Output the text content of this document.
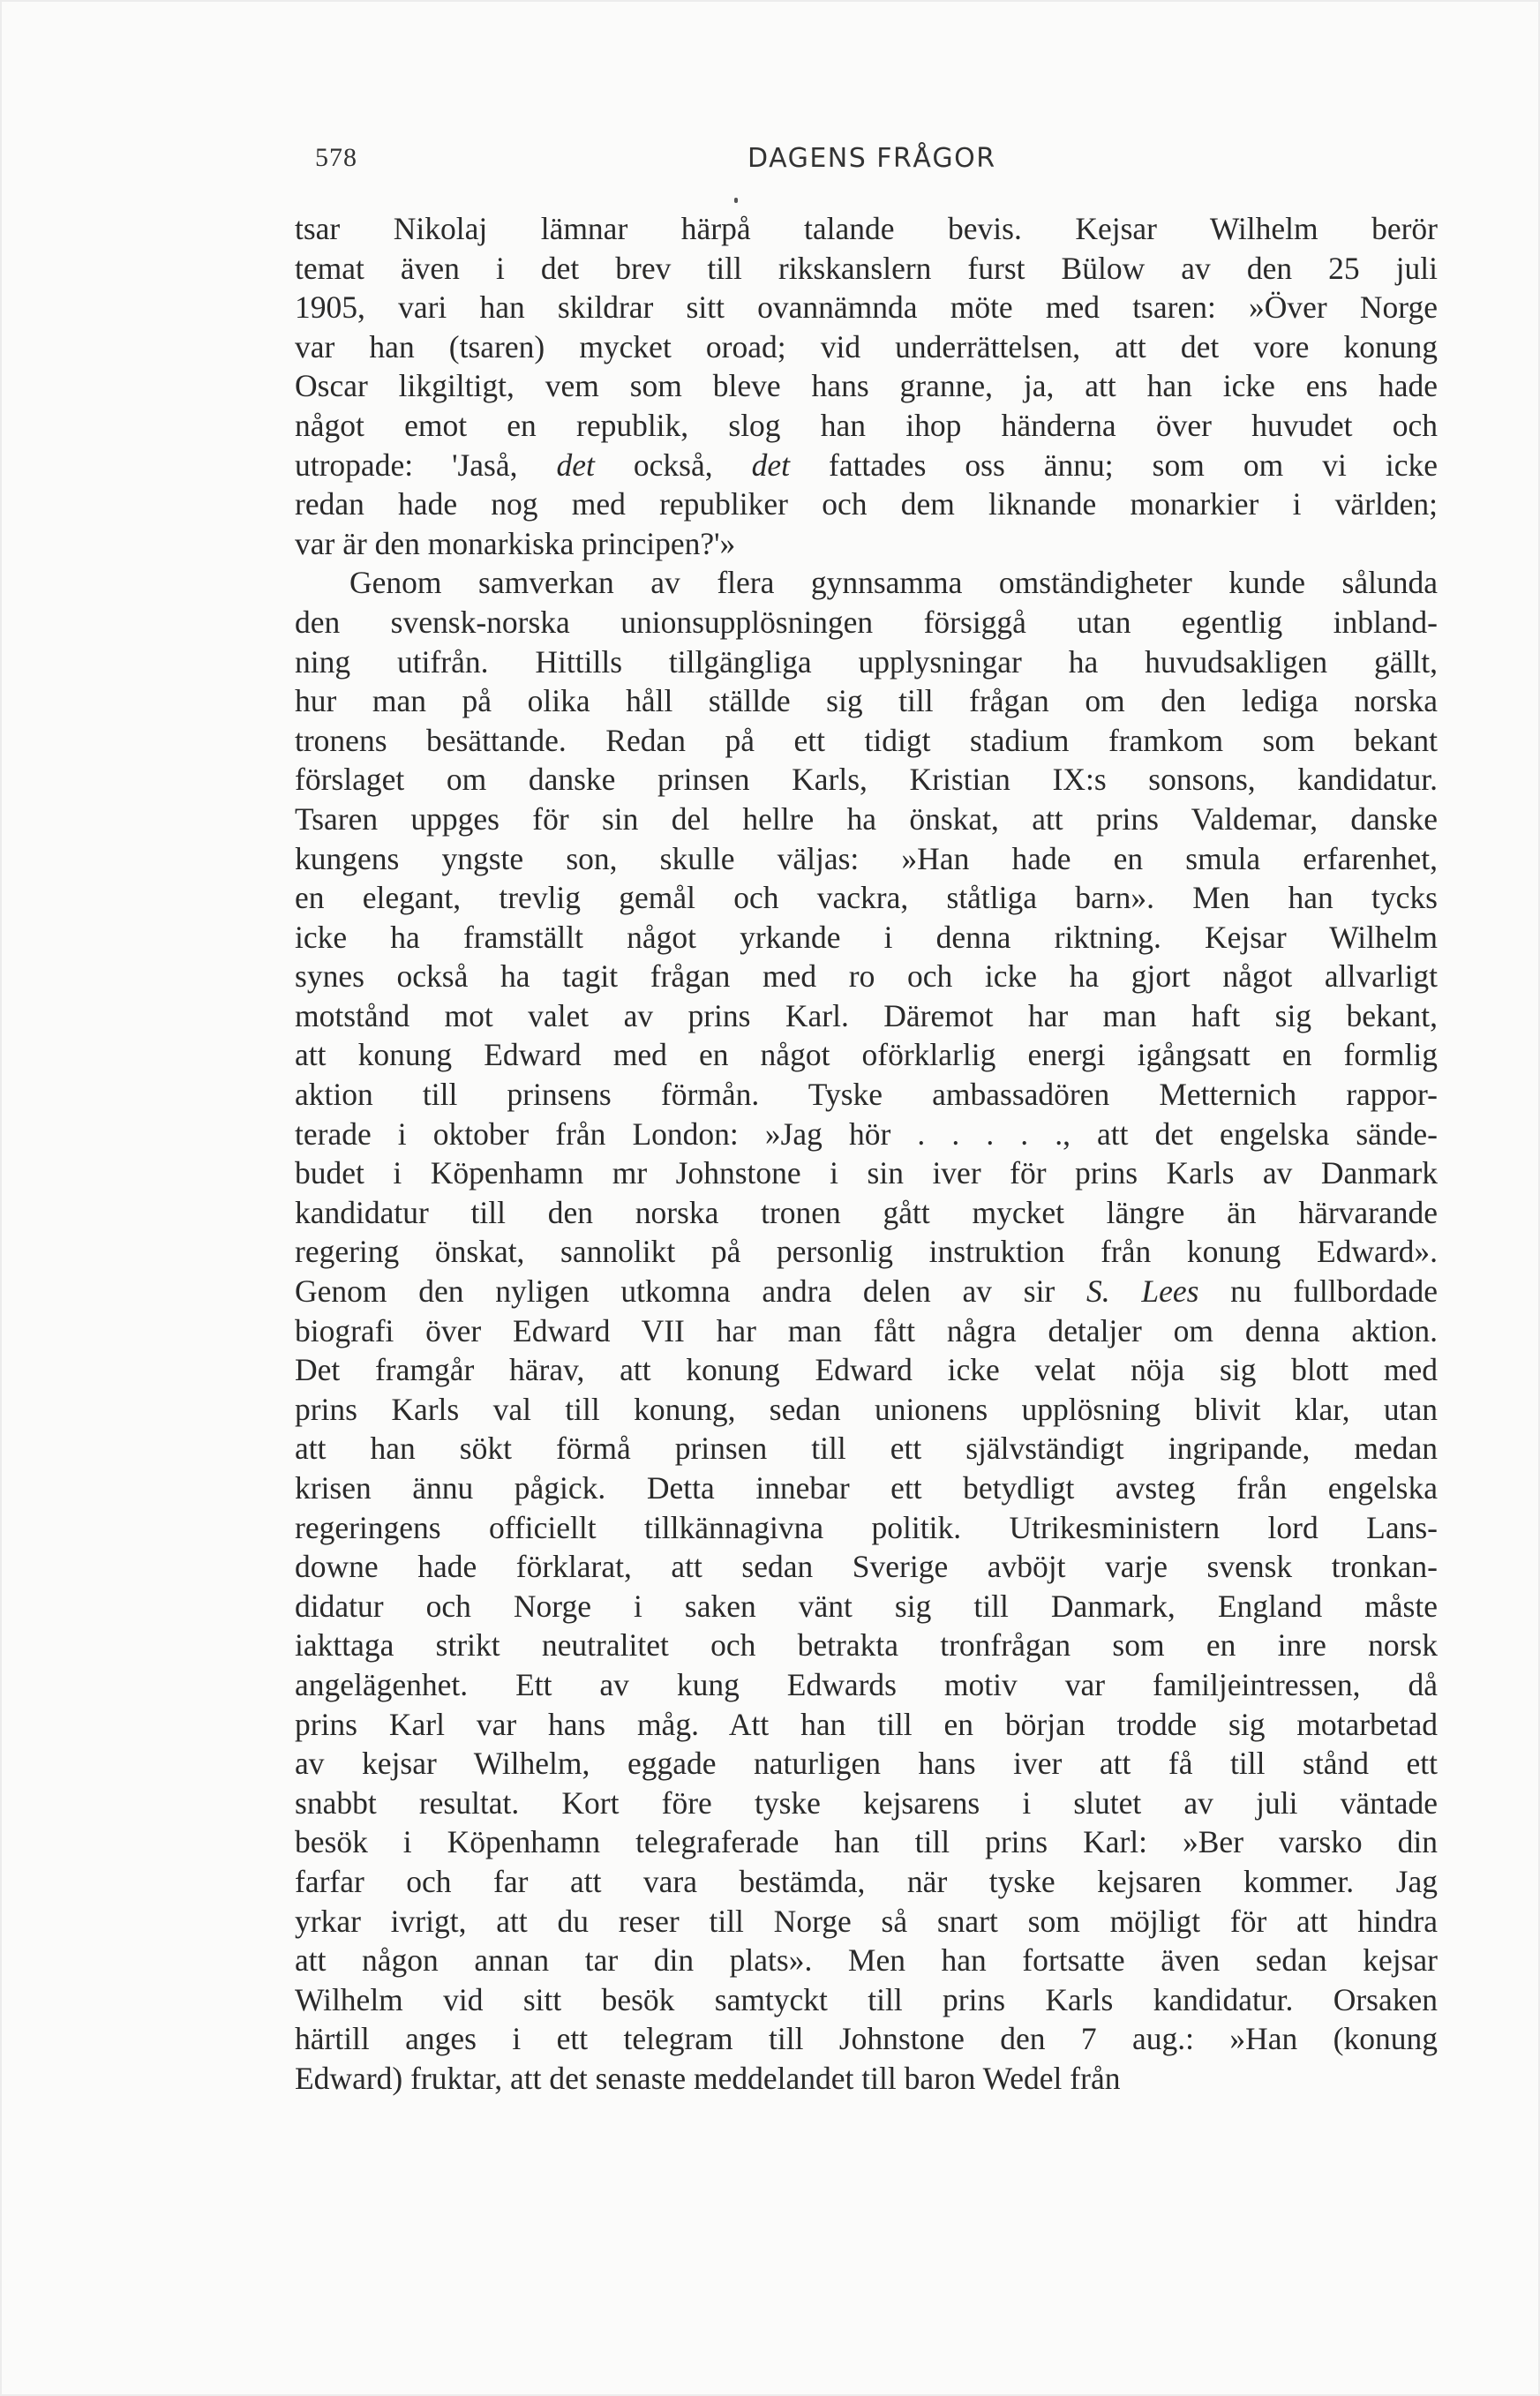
578	DAGENS FRÅGOR
tsar Nikolaj lämnar härpå talande bevis. Kejsar Wilhelm berör
temat även i det brev till rikskanslern furst Bülow av den 25 juli
1905, vari han skildrar sitt ovannämnda möte med tsaren: »Över Norge
var han (tsaren) mycket oroad; vid underrättelsen, att det vore konung
Oscar likgiltigt, vem som bleve hans granne, ja, att han icke ens hade
något emot en republik, slog han ihop händerna över huvudet och
utropade: 'Jaså, det också, det fattades oss ännu; som om vi icke
redan hade nog med republiker och dem liknande monarkier i världen;
var är den monarkiska principen?'»
Genom samverkan av flera gynnsamma omständigheter kunde sålunda
den svensk-norska unionsupplösningen försiggå utan egentlig inbland-
ning utifrån. Hittills tillgängliga upplysningar ha huvudsakligen gällt,
hur man på olika håll ställde sig till frågan om den lediga norska
tronens besättande. Redan på ett tidigt stadium framkom som bekant
förslaget om danske prinsen Karls, Kristian IX:s sonsons, kandidatur.
Tsaren uppges för sin del hellre ha önskat, att prins Valdemar, danske
kungens yngste son, skulle väljas: »Han hade en smula erfarenhet,
en elegant, trevlig gemål och vackra, ståtliga barn». Men han tycks
icke ha framställt något yrkande i denna riktning. Kejsar Wilhelm
synes också ha tagit frågan med ro och icke ha gjort något allvarligt
motstånd mot valet av prins Karl. Däremot har man haft sig bekant,
att konung Edward med en något oförklarlig energi igångsatt en formlig
aktion till prinsens förmån. Tyske ambassadören Metternich rappor-
terade i oktober från London: »Jag hör . . . . ., att det engelska sände-
budet i Köpenhamn mr Johnstone i sin iver för prins Karls av Danmark
kandidatur till den norska tronen gått mycket längre än härvarande
regering önskat, sannolikt på personlig instruktion från konung Edward».
Genom den nyligen utkomna andra delen av sir S. Lees nu fullbordade
biografi över Edward VII har man fått några detaljer om denna aktion.
Det framgår härav, att konung Edward icke velat nöja sig blott med
prins Karls val till konung, sedan unionens upplösning blivit klar, utan
att han sökt förmå prinsen till ett självständigt ingripande, medan
krisen ännu pågick. Detta innebar ett betydligt avsteg från engelska
regeringens officiellt tillkännagivna politik. Utrikesministern lord Lans-
downe hade förklarat, att sedan Sverige avböjt varje svensk tronkan-
didatur och Norge i saken vänt sig till Danmark, England måste
iakttaga strikt neutralitet och betrakta tronfrågan som en inre norsk
angelägenhet. Ett av kung Edwards motiv var familjeintressen, då
prins Karl var hans måg. Att han till en början trodde sig motarbetad
av kejsar Wilhelm, eggade naturligen hans iver att få till stånd ett
snabbt resultat. Kort före tyske kejsarens i slutet av juli väntade
besök i Köpenhamn telegraferade han till prins Karl: »Ber varsko din
farfar och far att vara bestämda, när tyske kejsaren kommer. Jag
yrkar ivrigt, att du reser till Norge så snart som möjligt för att hindra
att någon annan tar din plats». Men han fortsatte även sedan kejsar
Wilhelm vid sitt besök samtyckt till prins Karls kandidatur. Orsaken
härtill anges i ett telegram till Johnstone den 7 aug.: »Han (konung
Edward) fruktar, att det senaste meddelandet till baron Wedel från
